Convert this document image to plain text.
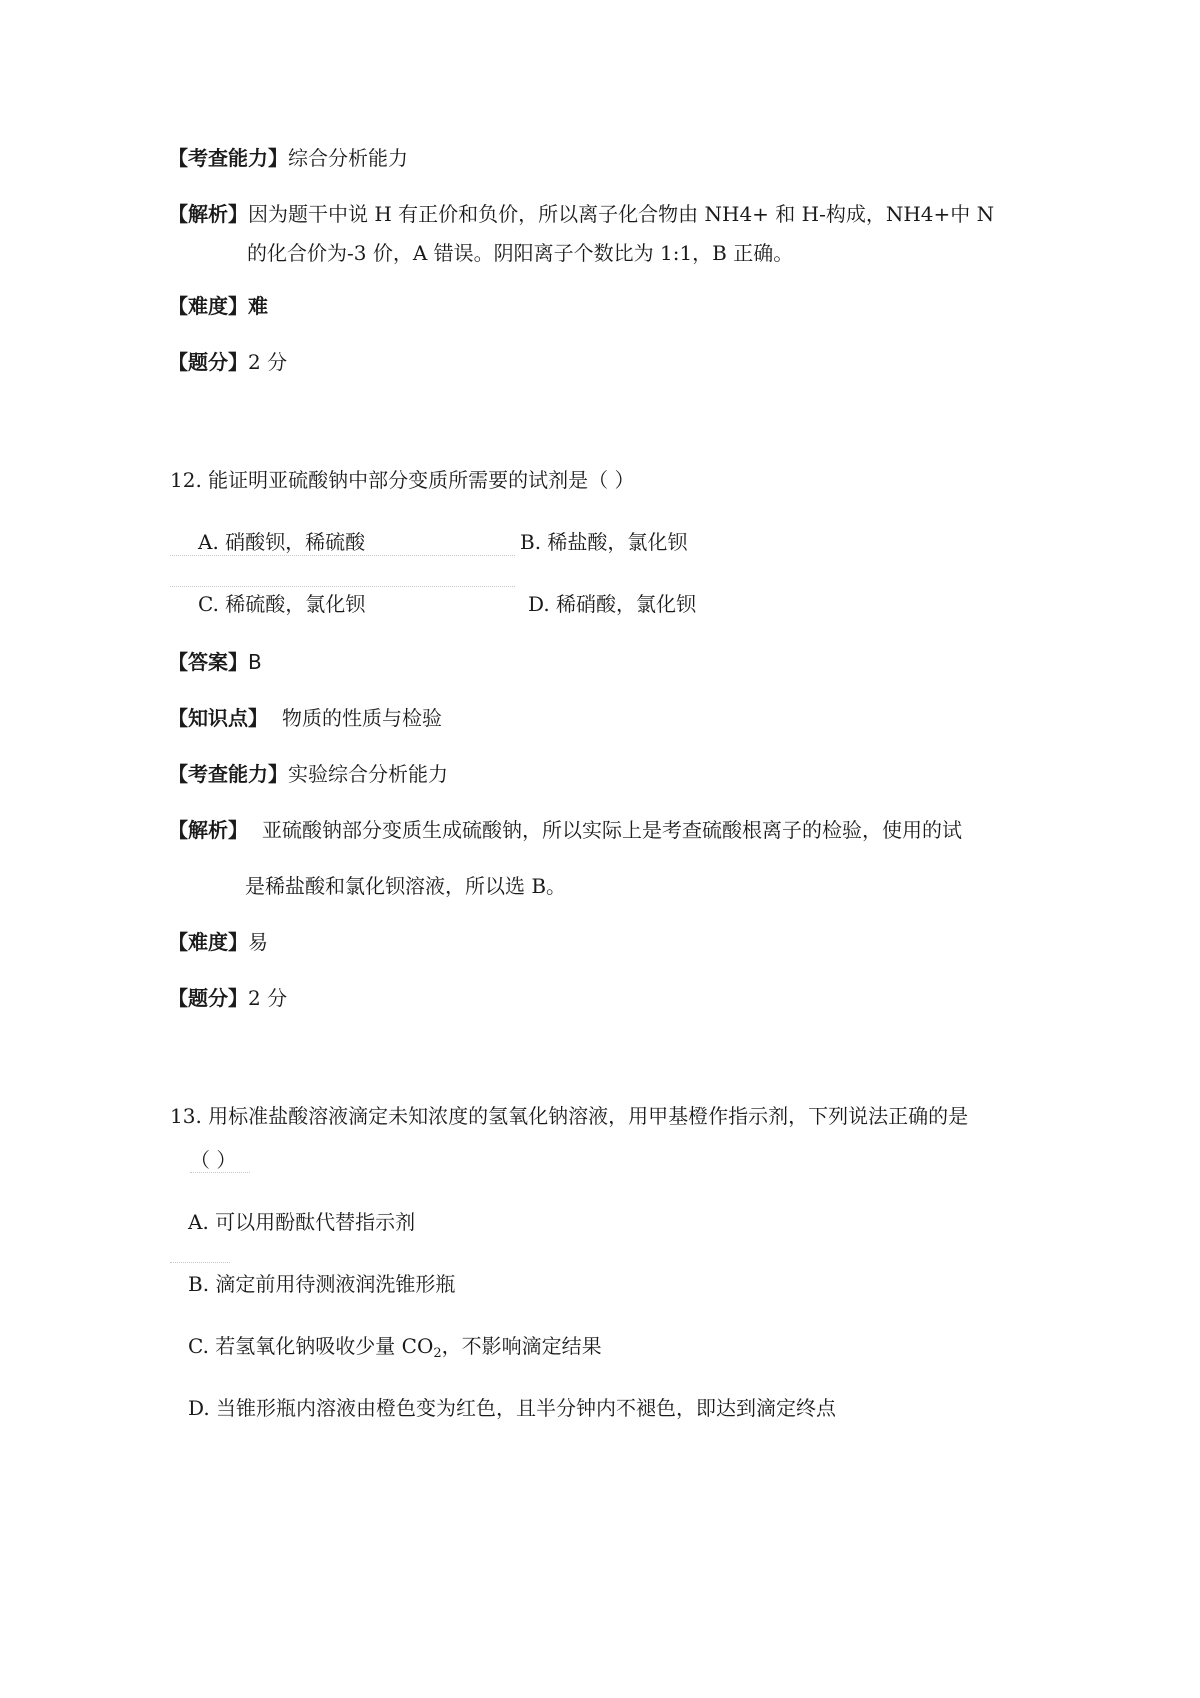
【考查能力】综合分析能力
【解析】因为题干中说 H 有正价和负价，所以离子化合物由 NH4+ 和 H-构成，NH4+中 N
的化合价为-3 价，A 错误。阴阳离子个数比为 1:1，B 正确。
【难度】难
【题分】2 分
12. 能证明亚硫酸钠中部分变质所需要的试剂是（ ）
A. 硝酸钡，稀硫酸	B. 稀盐酸，氯化钡
C. 稀硫酸，氯化钡	D. 稀硝酸，氯化钡
【答案】B
【知识点】 物质的性质与检验
【考查能力】实验综合分析能力
【解析】 亚硫酸钠部分变质生成硫酸钠，所以实际上是考查硫酸根离子的检验，使用的试
是稀盐酸和氯化钡溶液，所以选 B。
【难度】易
【题分】2 分
13. 用标准盐酸溶液滴定未知浓度的氢氧化钠溶液，用甲基橙作指示剂，下列说法正确的是
（ ）
A. 可以用酚酞代替指示剂
B. 滴定前用待测液润洗锥形瓶
C. 若氢氧化钠吸收少量 $CO_2$，不影响滴定结果
D. 当锥形瓶内溶液由橙色变为红色，且半分钟内不褪色，即达到滴定终点
